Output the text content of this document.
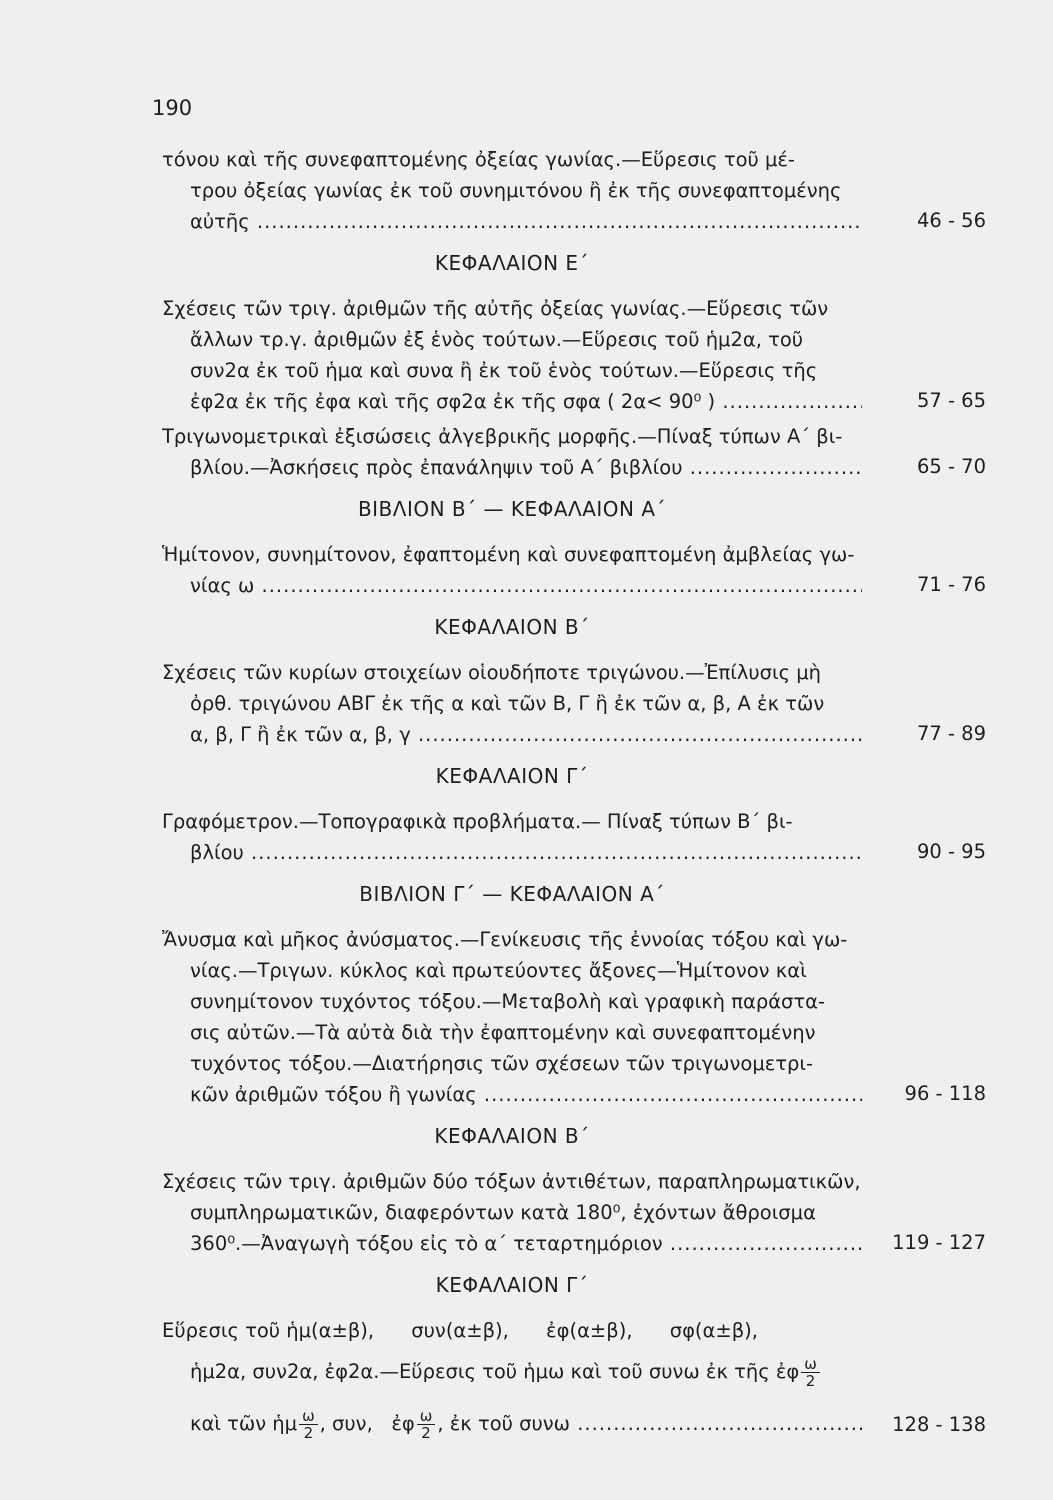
190
τόνου καὶ τῆς συνεφαπτομένης ὀξείας γωνίας.—Εὕρεσις τοῦ μέ-
τρου ὀξείας γωνίας ἐκ τοῦ συνημιτόνου ἢ ἐκ τῆς συνεφαπτομένης
αὐτῆς .....	46 - 56
ΚΕΦΑΛΑΙΟΝ Ε΄
Σχέσεις τῶν τριγ. ἀριθμῶν τῆς αὐτῆς ὀξείας γωνίας.—Εὕρεσις τῶν
ἄλλων τρ.γ. ἀριθμῶν ἐξ ἑνὸς τούτων.—Εὕρεσις τοῦ ἡμ2α, τοῦ
συν2α ἐκ τοῦ ἡμα καὶ συνα ἢ ἐκ τοῦ ἑνὸς τούτων.—Εὕρεσις τῆς
ἐφ2α ἐκ τῆς ἐφα καὶ τῆς σφ2α ἐκ τῆς σφα ( 2α< 90⁰ ) .....	57 - 65
Τριγωνομετρικαὶ ἐξισώσεις ἀλγεβρικῆς μορφῆς.—Πίναξ τύπων Α΄ βι-
βλίου.—Ἀσκήσεις πρὸς ἐπανάληψιν τοῦ Α΄ βιβλίου .....	65 - 70
ΒΙΒΛΙΟΝ Β΄ — ΚΕΦΑΛΑΙΟΝ Α΄
Ἡμίτονον, συνημίτονον, ἐφαπτομένη καὶ συνεφαπτομένη ἀμβλείας γω-
νίας ω .....	71 - 76
ΚΕΦΑΛΑΙΟΝ Β΄
Σχέσεις τῶν κυρίων στοιχείων οἱουδήποτε τριγώνου.—Ἐπίλυσις μὴ
ὀρθ. τριγώνου ΑΒΓ ἐκ τῆς α καὶ τῶν Β, Γ ἢ ἐκ τῶν α, β, Α ἐκ τῶν
α, β, Γ ἢ ἐκ τῶν α, β, γ .....	77 - 89
ΚΕΦΑΛΑΙΟΝ Γ΄
Γραφόμετρον.—Τοπογραφικὰ προβλήματα.— Πίναξ τύπων Β΄ βι-
βλίου .....	90 - 95
ΒΙΒΛΙΟΝ Γ΄ — ΚΕΦΑΛΑΙΟΝ Α΄
Ἄνυσμα καὶ μῆκος ἀνύσματος.—Γενίκευσις τῆς ἐννοίας τόξου καὶ γω-
νίας.—Τριγων. κύκλος καὶ πρωτεύοντες ἄξονες—Ἡμίτονον καὶ
συνημίτονον τυχόντος τόξου.—Μεταβολὴ καὶ γραφικὴ παράστα-
σις αὐτῶν.—Τὰ αὐτὰ διὰ τὴν ἐφαπτομένην καὶ συνεφαπτομένην
τυχόντος τόξου.—Διατήρησις τῶν σχέσεων τῶν τριγωνομετρι-
κῶν ἀριθμῶν τόξου ἢ γωνίας .....	96 - 118
ΚΕΦΑΛΑΙΟΝ Β΄
Σχέσεις τῶν τριγ. ἀριθμῶν δύο τόξων ἀντιθέτων, παραπληρωματικῶν,
συμπληρωματικῶν, διαφερόντων κατὰ 180⁰, ἐχόντων ἄθροισμα
360⁰.—Ἀναγωγὴ τόξου εἰς τὸ α΄ τεταρτημόριον .....	119 - 127
ΚΕΦΑΛΑΙΟΝ Γ΄
Εὕρεσις τοῦ ἡμ(α±β),      συν(α±β),      ἐφ(α±β),      σφ(α±β),
ἡμ2α, συν2α, ἐφ2α.—Εὕρεσις τοῦ ἡμω καὶ τοῦ συνω ἐκ τῆς ἐφ $\frac{\omega}{2}$
καὶ τῶν ἡμ $\frac{\omega}{2}$ , συν, ἐφ $\frac{\omega}{2}$ , ἐκ τοῦ συνω .....	128 - 138
